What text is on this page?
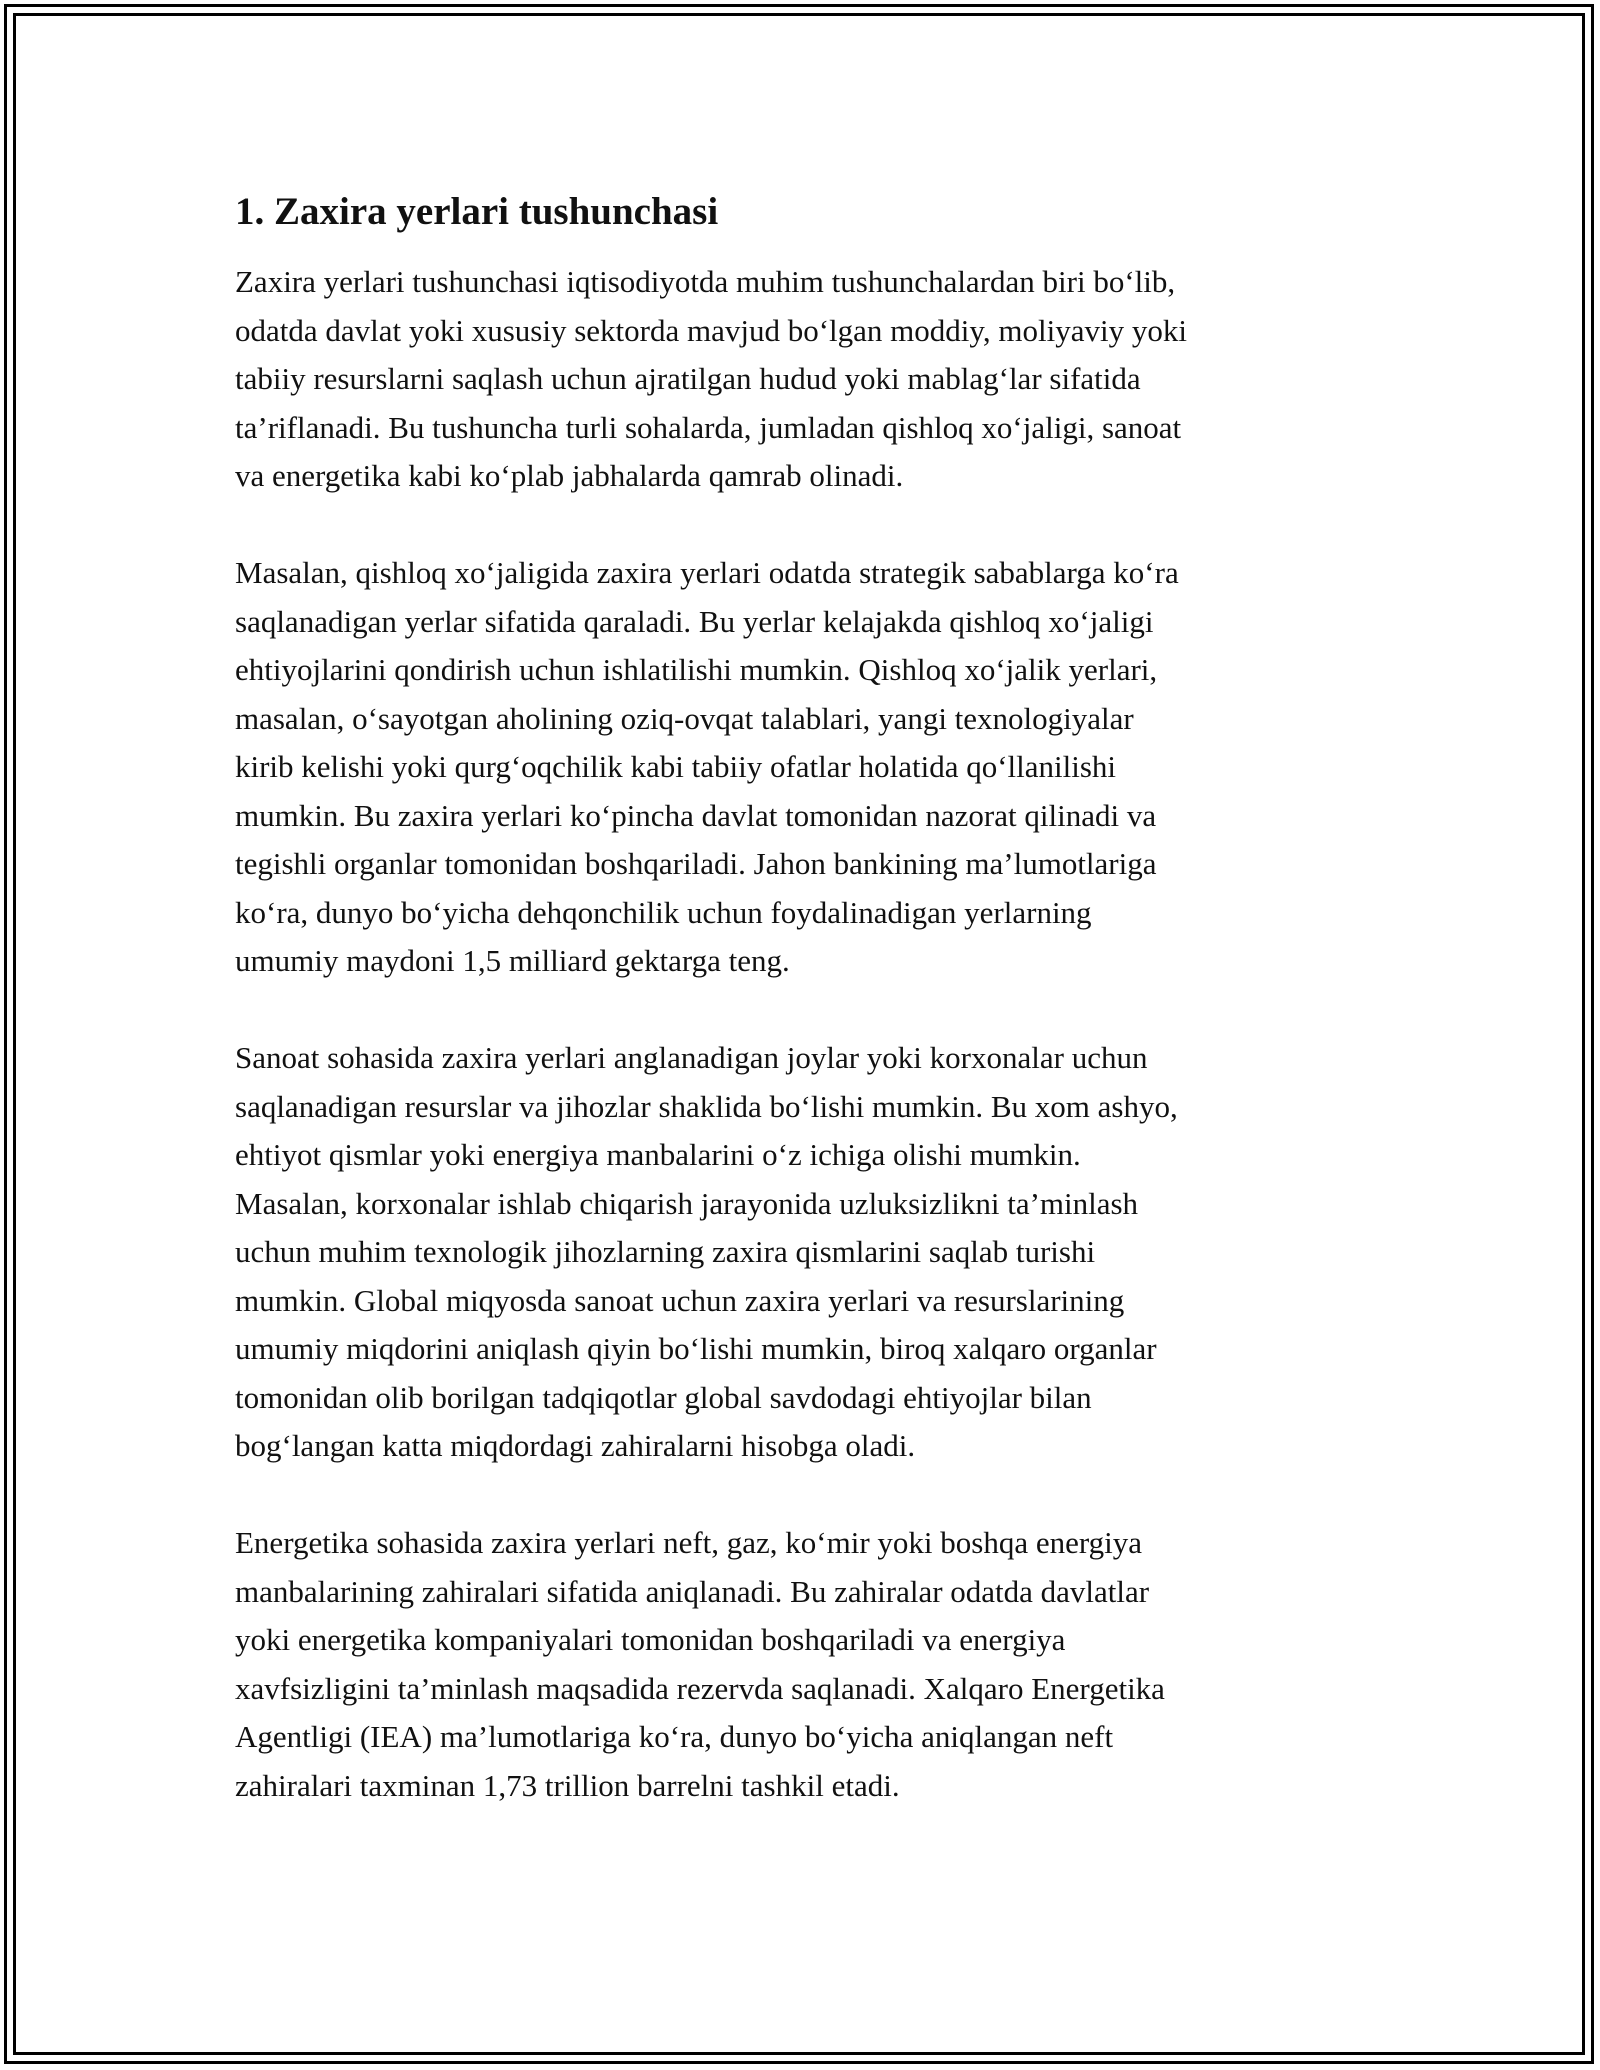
1. Zaxira yerlari tushunchasi
Zaxira yerlari tushunchasi iqtisodiyotda muhim tushunchalardan biri bo‘lib,
odatda davlat yoki xususiy sektorda mavjud bo‘lgan moddiy, moliyaviy yoki
tabiiy resurslarni saqlash uchun ajratilgan hudud yoki mablag‘lar sifatida
ta’riflanadi. Bu tushuncha turli sohalarda, jumladan qishloq xo‘jaligi, sanoat
va energetika kabi ko‘plab jabhalarda qamrab olinadi.
Masalan, qishloq xo‘jaligida zaxira yerlari odatda strategik sabablarga ko‘ra
saqlanadigan yerlar sifatida qaraladi. Bu yerlar kelajakda qishloq xo‘jaligi
ehtiyojlarini qondirish uchun ishlatilishi mumkin. Qishloq xo‘jalik yerlari,
masalan, o‘sayotgan aholining oziq-ovqat talablari, yangi texnologiyalar
kirib kelishi yoki qurg‘oqchilik kabi tabiiy ofatlar holatida qo‘llanilishi
mumkin. Bu zaxira yerlari ko‘pincha davlat tomonidan nazorat qilinadi va
tegishli organlar tomonidan boshqariladi. Jahon bankining ma’lumotlariga
ko‘ra, dunyo bo‘yicha dehqonchilik uchun foydalinadigan yerlarning
umumiy maydoni 1,5 milliard gektarga teng.
Sanoat sohasida zaxira yerlari anglanadigan joylar yoki korxonalar uchun
saqlanadigan resurslar va jihozlar shaklida bo‘lishi mumkin. Bu xom ashyo,
ehtiyot qismlar yoki energiya manbalarini o‘z ichiga olishi mumkin.
Masalan, korxonalar ishlab chiqarish jarayonida uzluksizlikni ta’minlash
uchun muhim texnologik jihozlarning zaxira qismlarini saqlab turishi
mumkin. Global miqyosda sanoat uchun zaxira yerlari va resurslarining
umumiy miqdorini aniqlash qiyin bo‘lishi mumkin, biroq xalqaro organlar
tomonidan olib borilgan tadqiqotlar global savdodagi ehtiyojlar bilan
bog‘langan katta miqdordagi zahiralarni hisobga oladi.
Energetika sohasida zaxira yerlari neft, gaz, ko‘mir yoki boshqa energiya
manbalarining zahiralari sifatida aniqlanadi. Bu zahiralar odatda davlatlar
yoki energetika kompaniyalari tomonidan boshqariladi va energiya
xavfsizligini ta’minlash maqsadida rezervda saqlanadi. Xalqaro Energetika
Agentligi (IEA) ma’lumotlariga ko‘ra, dunyo bo‘yicha aniqlangan neft
zahiralari taxminan 1,73 trillion barrelni tashkil etadi.
